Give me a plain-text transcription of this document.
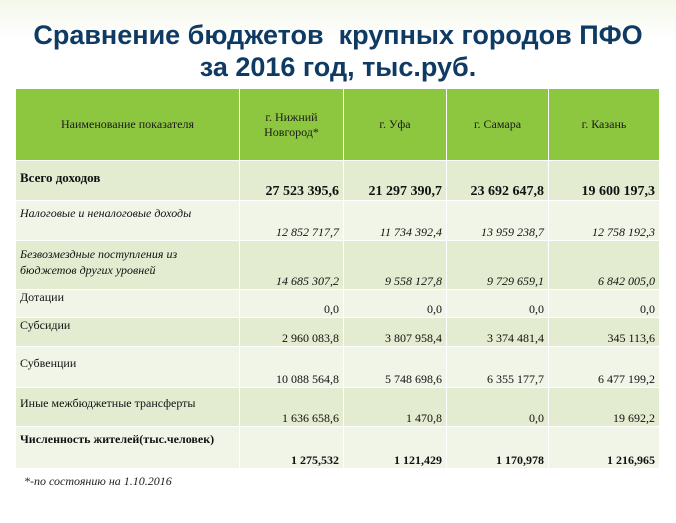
Сравнение бюджетов  крупных городов ПФО
за 2016 год, тыс.руб.
Наименование показателя	г. Нижний Новгород*	г. Уфа	г. Самара	г. Казань
Всего доходов	27 523 395,6	21 297 390,7	23 692 647,8	19 600 197,3
Налоговые и неналоговые доходы	12 852 717,7	11 734 392,4	13 959 238,7	12 758 192,3
Безвозмездные поступления из бюджетов других уровней	14 685 307,2	9 558 127,8	9 729 659,1	6 842 005,0
Дотации	0,0	0,0	0,0	0,0
Субсидии	2 960 083,8	3 807 958,4	3 374 481,4	345 113,6
Субвенции	10 088 564,8	5 748 698,6	6 355 177,7	6 477 199,2
Иные межбюджетные трансферты	1 636 658,6	1 470,8	0,0	19 692,2
Численность жителей(тыс.человек)	1 275,532	1 121,429	1 170,978	1 216,965
*-по состоянию на 1.10.2016
